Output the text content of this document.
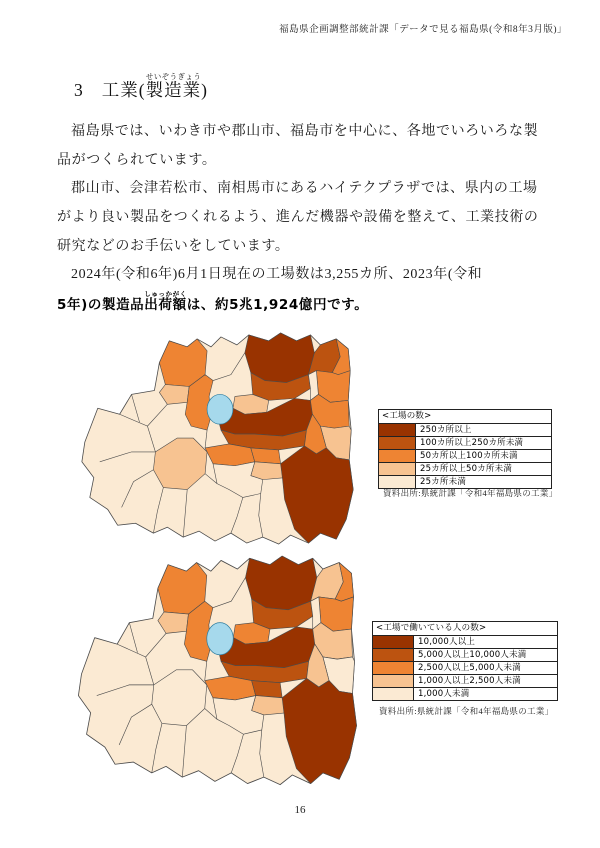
福島県企画調整部統計課「データで見る福島県(令和8年3月版)」
3 工業(製造業せいぞうぎょう)
福島県では、いわき市や郡山市、福島市を中心に、各地でいろいろな製
品がつくられています。
郡山市、会津若松市、南相馬市にあるハイテクプラザでは、県内の工場
がより良い製品をつくれるよう、進んだ機器や設備を整えて、工業技術の
研究などのお手伝いをしています。
2024年(令和6年)6月1日現在の工場数は3,255カ所、2023年(令和
5年)の製造品出荷額しゅっかがくは、約5兆1,924億円です。
<工場の数>
250カ所以上
100カ所以上250カ所未満
50カ所以上100カ所未満
25カ所以上50カ所未満
25カ所未満
資料出所:県統計課「令和4年福島県の工業」
<工場で働いている人の数>
10,000人以上
5,000人以上10,000人未満
2,500人以上5,000人未満
1,000人以上2,500人未満
1,000人未満
資料出所:県統計課「令和4年福島県の工業」
16
